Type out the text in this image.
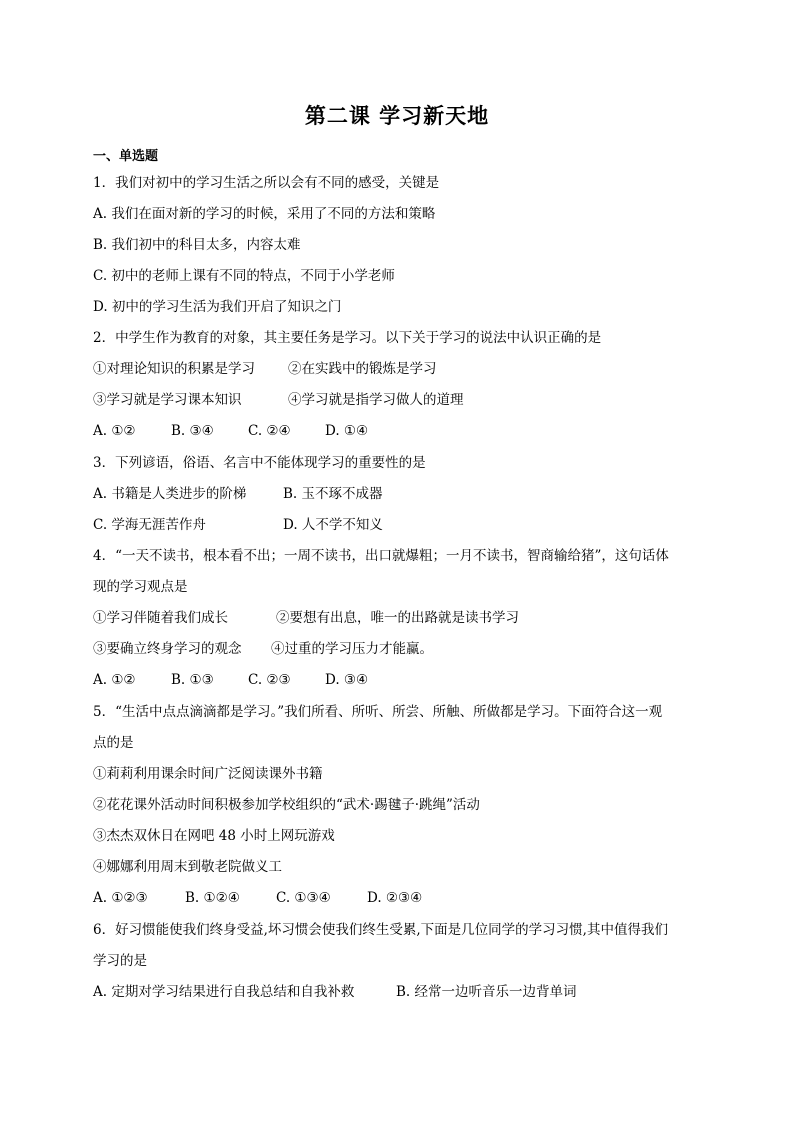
第二课 学习新天地
一、单选题
1．我们对初中的学习生活之所以会有不同的感受，关键是
A. 我们在面对新的学习的时候，采用了不同的方法和策略
B. 我们初中的科目太多，内容太难
C. 初中的老师上课有不同的特点，不同于小学老师
D. 初中的学习生活为我们开启了知识之门
2．中学生作为教育的对象，其主要任务是学习。以下关于学习的说法中认识正确的是
①对理论知识的积累是学习 ②在实践中的锻炼是学习
③学习就是学习课本知识	④学习就是指学习做人的道理
A. ①②	B. ③④	C. ②④	D. ①④
3．下列谚语，俗语、名言中不能体现学习的重要性的是
A. 书籍是人类进步的阶梯	B. 玉不琢不成器
C. 学海无涯苦作舟	D. 人不学不知义
4．“一天不读书，根本看不出；一周不读书，出口就爆粗；一月不读书，智商输给猪”，这句话体
现的学习观点是
①学习伴随着我们成长	②要想有出息，唯一的出路就是读书学习
③要确立终身学习的观念 ④过重的学习压力才能赢。
A. ①②	B. ①③	C. ②③	D. ③④
5．“生活中点点滴滴都是学习。”我们所看、所听、所尝、所触、所做都是学习。下面符合这一观
点的是
①莉莉利用课余时间广泛阅读课外书籍
②花花课外活动时间积极参加学校组织的“武术·踢毽子·跳绳”活动
③杰杰双休日在网吧 48 小时上网玩游戏
④娜娜利用周末到敬老院做义工
A. ①②③	B. ①②④	C. ①③④	D. ②③④
6．好习惯能使我们终身受益,坏习惯会使我们终生受累,下面是几位同学的学习习惯,其中值得我们
学习的是
A. 定期对学习结果进行自我总结和自我补救	B. 经常一边听音乐一边背单词
